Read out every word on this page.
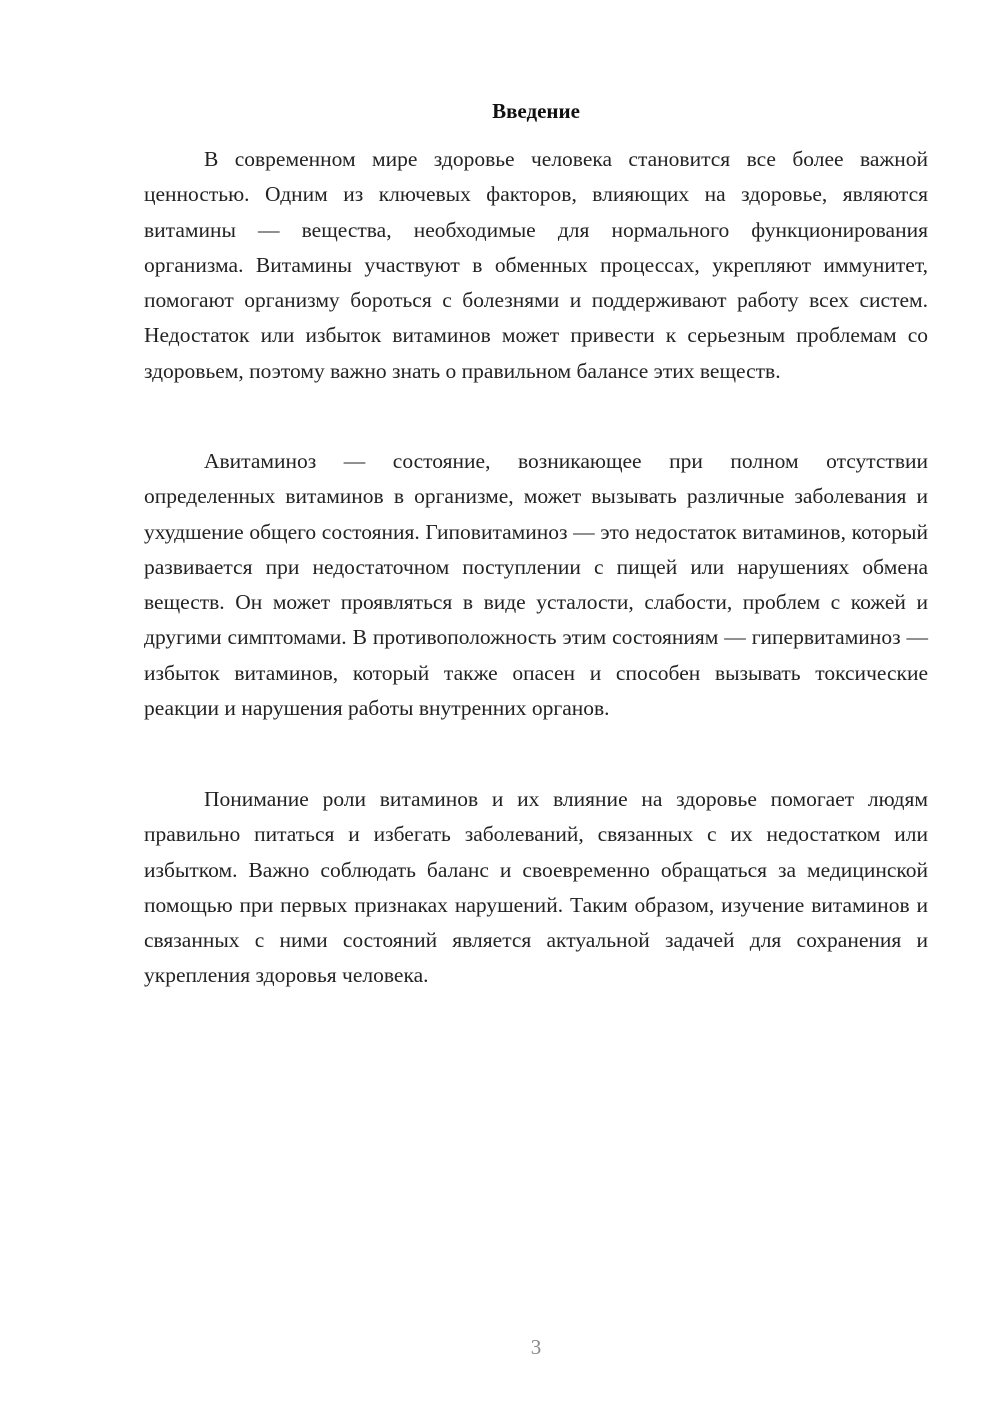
Введение

В современном мире здоровье человека становится все более важной ценностью. Одним из ключевых факторов, влияющих на здоровье, являются витамины — вещества, необходимые для нормального функционирования организма. Витамины участвуют в обменных процессах, укрепляют иммунитет, помогают организму бороться с болезнями и поддерживают работу всех систем. Недостаток или избыток витаминов может привести к серьезным проблемам со здоровьем, поэтому важно знать о правильном балансе этих веществ.

Авитаминоз — состояние, возникающее при полном отсутствии определенных витаминов в организме, может вызывать различные заболевания и ухудшение общего состояния. Гиповитаминоз — это недостаток витаминов, который развивается при недостаточном поступлении с пищей или нарушениях обмена веществ. Он может проявляться в виде усталости, слабости, проблем с кожей и другими симптомами. В противоположность этим состояниям — гипервитаминоз — избыток витаминов, который также опасен и способен вызывать токсические реакции и нарушения работы внутренних органов.

Понимание роли витаминов и их влияние на здоровье помогает людям правильно питаться и избегать заболеваний, связанных с их недостатком или избытком. Важно соблюдать баланс и своевременно обращаться за медицинской помощью при первых признаках нарушений. Таким образом, изучение витаминов и связанных с ними состояний является актуальной задачей для сохранения и укрепления здоровья человека.

3
